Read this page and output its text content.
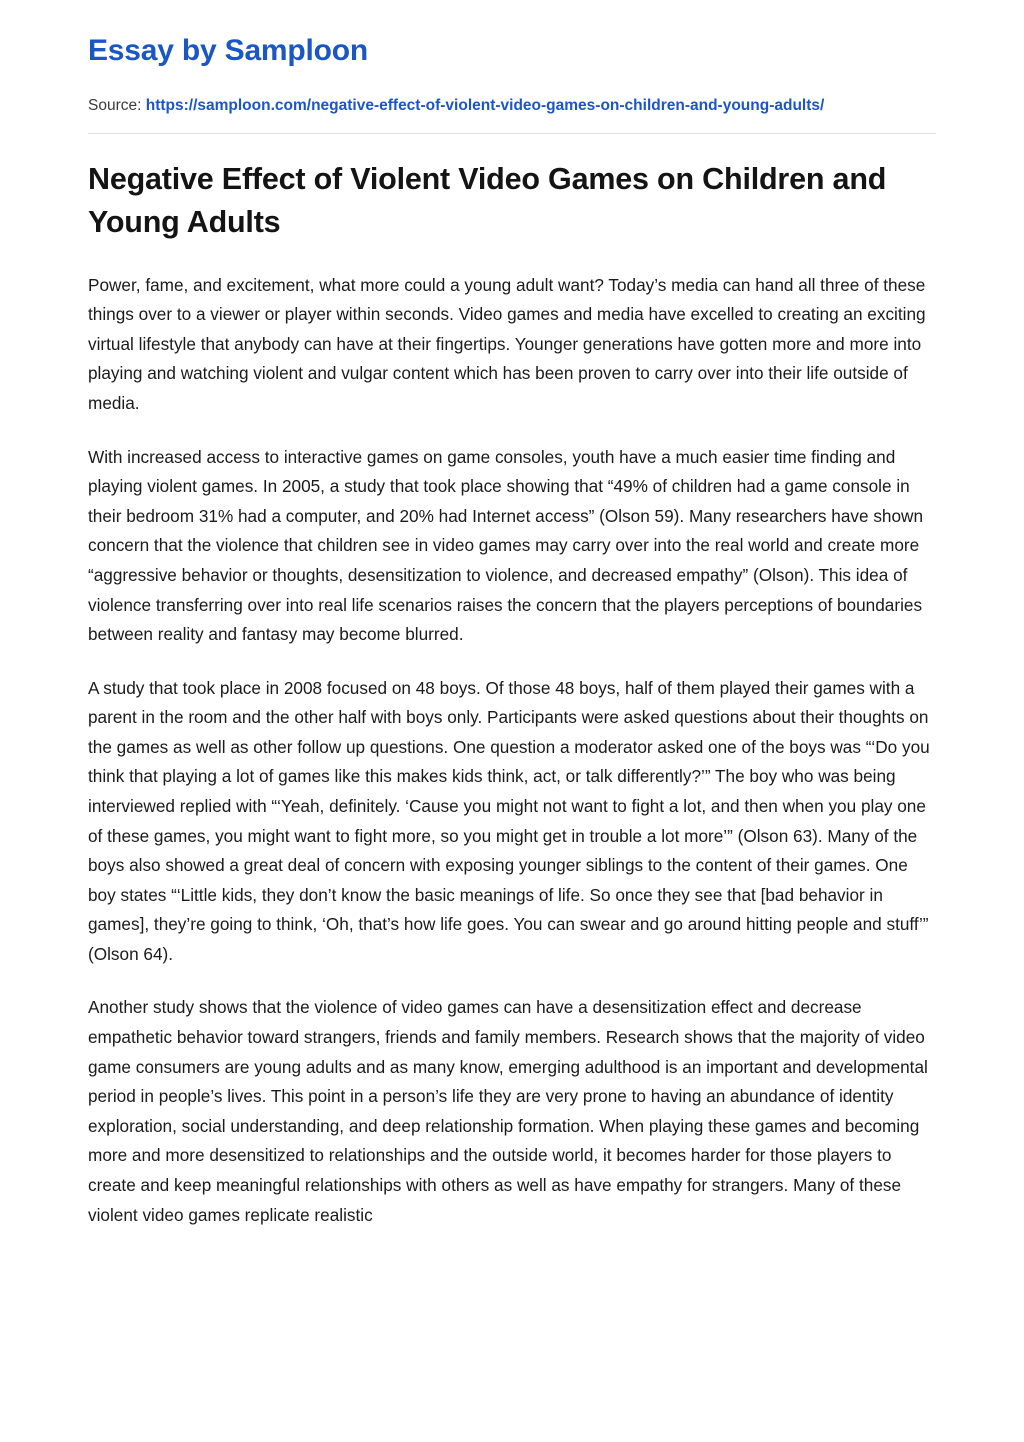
Essay by Samploon
Source: https://samploon.com/negative-effect-of-violent-video-games-on-children-and-young-adults/
Negative Effect of Violent Video Games on Children and Young Adults

Power, fame, and excitement, what more could a young adult want? Today’s media can hand all three of these things over to a viewer or player within seconds. Video games and media have excelled to creating an exciting virtual lifestyle that anybody can have at their fingertips. Younger generations have gotten more and more into playing and watching violent and vulgar content which has been proven to carry over into their life outside of media.

With increased access to interactive games on game consoles, youth have a much easier time finding and playing violent games. In 2005, a study that took place showing that “49% of children had a game console in their bedroom 31% had a computer, and 20% had Internet access” (Olson 59). Many researchers have shown concern that the violence that children see in video games may carry over into the real world and create more “aggressive behavior or thoughts, desensitization to violence, and decreased empathy” (Olson). This idea of violence transferring over into real life scenarios raises the concern that the players perceptions of boundaries between reality and fantasy may become blurred.

A study that took place in 2008 focused on 48 boys. Of those 48 boys, half of them played their games with a parent in the room and the other half with boys only. Participants were asked questions about their thoughts on the games as well as other follow up questions. One question a moderator asked one of the boys was “‘Do you think that playing a lot of games like this makes kids think, act, or talk differently?’” The boy who was being interviewed replied with “‘Yeah, definitely. ‘Cause you might not want to fight a lot, and then when you play one of these games, you might want to fight more, so you might get in trouble a lot more’” (Olson 63). Many of the boys also showed a great deal of concern with exposing younger siblings to the content of their games. One boy states “‘Little kids, they don’t know the basic meanings of life. So once they see that [bad behavior in games], they’re going to think, ‘Oh, that’s how life goes. You can swear and go around hitting people and stuff’” (Olson 64).

Another study shows that the violence of video games can have a desensitization effect and decrease empathetic behavior toward strangers, friends and family members. Research shows that the majority of video game consumers are young adults and as many know, emerging adulthood is an important and developmental period in people’s lives. This point in a person’s life they are very prone to having an abundance of identity exploration, social understanding, and deep relationship formation. When playing these games and becoming more and more desensitized to relationships and the outside world, it becomes harder for those players to create and keep meaningful relationships with others as well as have empathy for strangers. Many of these violent video games replicate realistic
